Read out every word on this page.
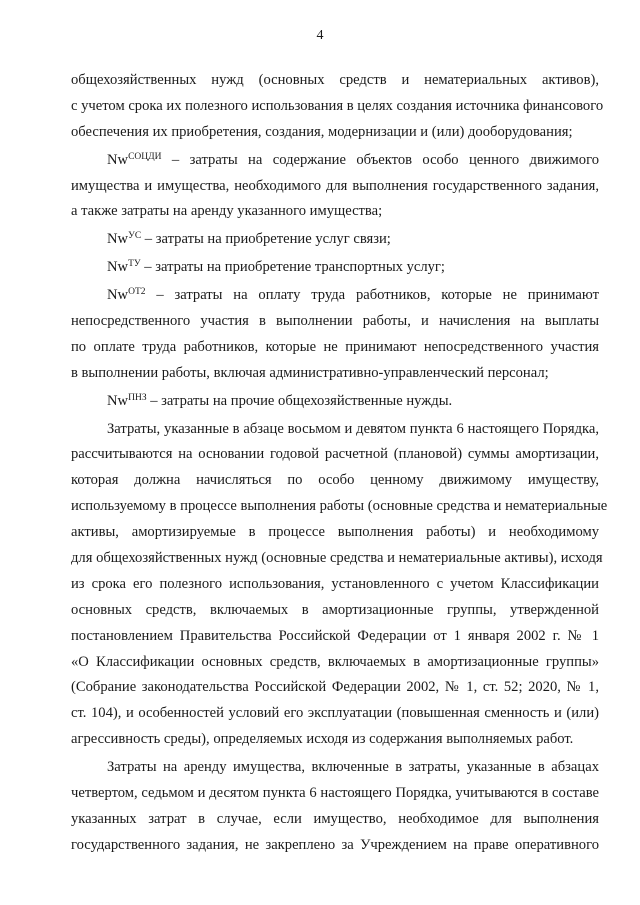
4
общехозяйственных нужд (основных средств и нематериальных активов),
с учетом срока их полезного использования в целях создания источника финансового
обеспечения их приобретения, создания, модернизации и (или) дооборудования;
$Nw^{СОЦДИ}$ – затраты на содержание объектов особо ценного движимого
имущества и имущества, необходимого для выполнения государственного задания,
а также затраты на аренду указанного имущества;
$Nw^{УС}$ – затраты на приобретение услуг связи;
$Nw^{ТУ}$ – затраты на приобретение транспортных услуг;
$Nw^{ОТ2}$ – затраты на оплату труда работников, которые не принимают
непосредственного участия в выполнении работы, и начисления на выплаты
по оплате труда работников, которые не принимают непосредственного участия
в выполнении работы, включая административно-управленческий персонал;
$Nw^{ПНЗ}$ – затраты на прочие общехозяйственные нужды.
Затраты, указанные в абзаце восьмом и девятом пункта 6 настоящего Порядка,
рассчитываются на основании годовой расчетной (плановой) суммы амортизации,
которая должна начисляться по особо ценному движимому имуществу,
используемому в процессе выполнения работы (основные средства и нематериальные
активы, амортизируемые в процессе выполнения работы) и необходимому
для общехозяйственных нужд (основные средства и нематериальные активы), исходя
из срока его полезного использования, установленного с учетом Классификации
основных средств, включаемых в амортизационные группы, утвержденной
постановлением Правительства Российской Федерации от 1 января 2002 г. № 1
«О Классификации основных средств, включаемых в амортизационные группы»
(Собрание законодательства Российской Федерации 2002, № 1, ст. 52; 2020, № 1,
ст. 104), и особенностей условий его эксплуатации (повышенная сменность и (или)
агрессивность среды), определяемых исходя из содержания выполняемых работ.
Затраты на аренду имущества, включенные в затраты, указанные в абзацах
четвертом, седьмом и десятом пункта 6 настоящего Порядка, учитываются в составе
указанных затрат в случае, если имущество, необходимое для выполнения
государственного задания, не закреплено за Учреждением на праве оперативного
